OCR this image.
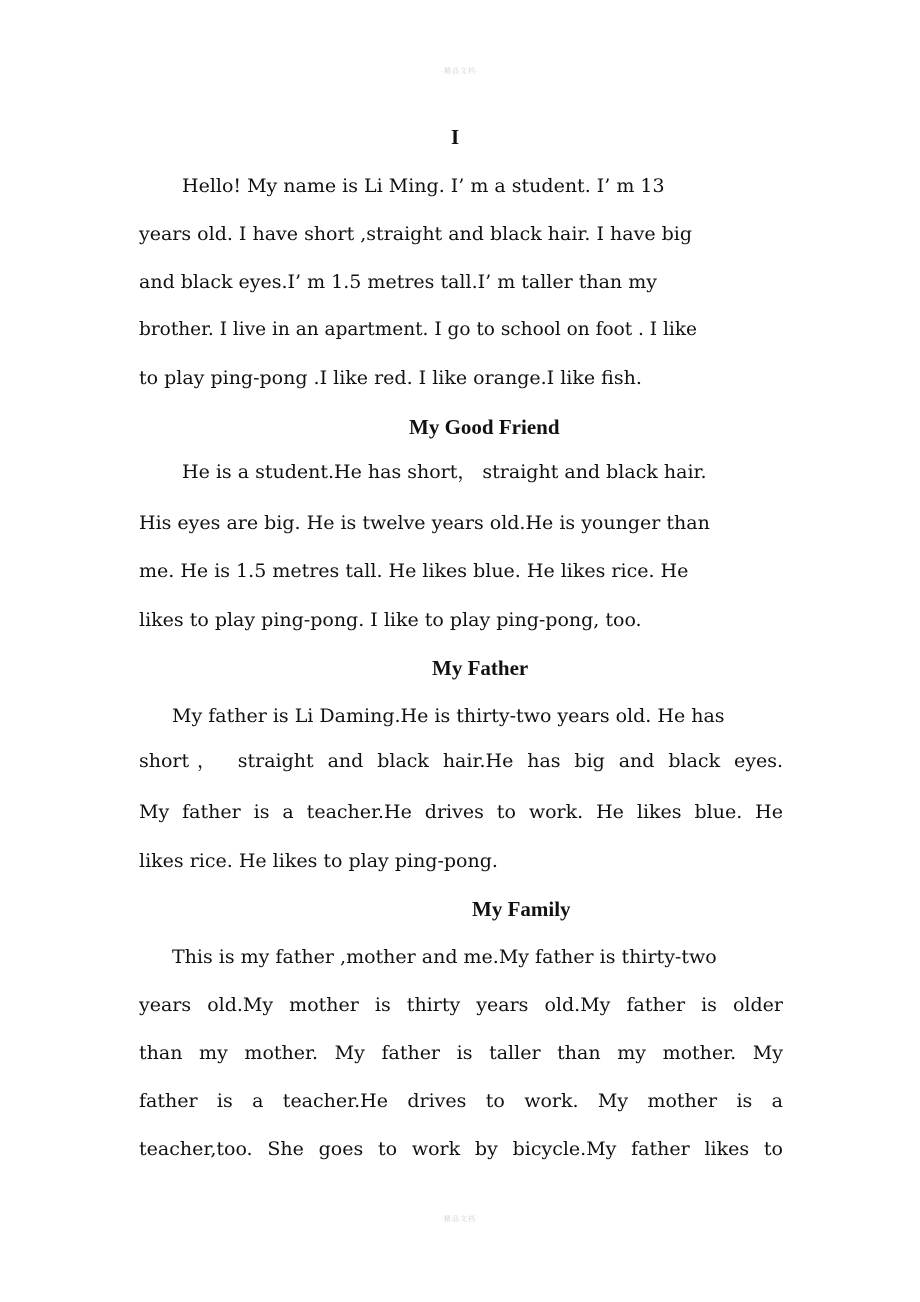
·精品文档·
I
Hello! My name is Li Ming. I’ m a student. I’ m 13
years old. I have short ,straight and black hair. I have big
and black eyes.I’ m 1.5 metres tall.I’ m taller than my
brother. I live in an apartment. I go to school on foot . I like
to play ping-pong .I like red. I like orange.I like fish.
My Good Friend
He is a student.He has short， straight and black hair.
His eyes are big. He is twelve years old.He is younger than
me. He is 1.5 metres tall. He likes blue. He likes rice. He
likes to play ping-pong. I like to play ping-pong, too.
My Father
My father is Li Daming.He is thirty-two years old. He has
short， straight and black hair.He has big and black eyes.
My father is a teacher.He drives to work. He likes blue. He
likes rice. He likes to play ping-pong.
My Family
This is my father ,mother and me.My father is thirty-two
years old.My mother is thirty years old.My father is older
than my mother. My father is taller than my mother. My
father is a teacher.He drives to work. My mother is a
teacher,too. She goes to work by bicycle.My father likes to
·精品文档·
